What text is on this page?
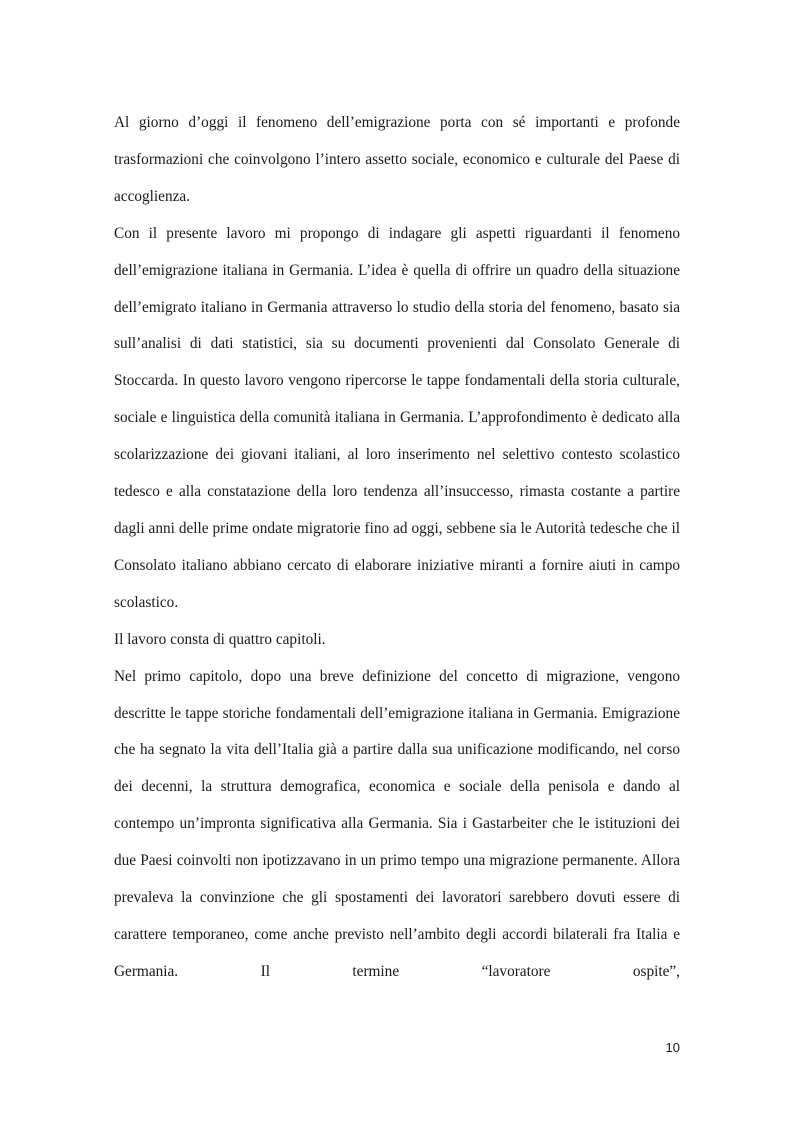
Al giorno d’oggi il fenomeno dell’emigrazione porta con sé importanti e profonde trasformazioni che coinvolgono l’intero assetto sociale, economico e culturale del Paese di accoglienza.

Con il presente lavoro mi propongo di indagare gli aspetti riguardanti il fenomeno dell’emigrazione italiana in Germania. L’idea è quella di offrire un quadro della situazione dell’emigrato italiano in Germania attraverso lo studio della storia del fenomeno, basato sia sull’analisi di dati statistici, sia su documenti provenienti dal Consolato Generale di Stoccarda. In questo lavoro vengono ripercorse le tappe fondamentali della storia culturale, sociale e linguistica della comunità italiana in Germania. L’approfondimento è dedicato alla scolarizzazione dei giovani italiani, al loro inserimento nel selettivo contesto scolastico tedesco e alla constatazione della loro tendenza all’insuccesso, rimasta costante a partire dagli anni delle prime ondate migratorie fino ad oggi, sebbene sia le Autorità tedesche che il Consolato italiano abbiano cercato di elaborare iniziative miranti a fornire aiuti in campo scolastico.

Il lavoro consta di quattro capitoli.

Nel primo capitolo, dopo una breve definizione del concetto di migrazione, vengono descritte le tappe storiche fondamentali dell’emigrazione italiana in Germania. Emigrazione che ha segnato la vita dell’Italia già a partire dalla sua unificazione modificando, nel corso dei decenni, la struttura demografica, economica e sociale della penisola e dando al contempo un’impronta significativa alla Germania. Sia i Gastarbeiter che le istituzioni dei due Paesi coinvolti non ipotizzavano in un primo tempo una migrazione permanente. Allora prevaleva la convinzione che gli spostamenti dei lavoratori sarebbero dovuti essere di carattere temporaneo, come anche previsto nell’ambito degli accordi bilaterali fra Italia e Germania. Il termine “lavoratore ospite”,

10
